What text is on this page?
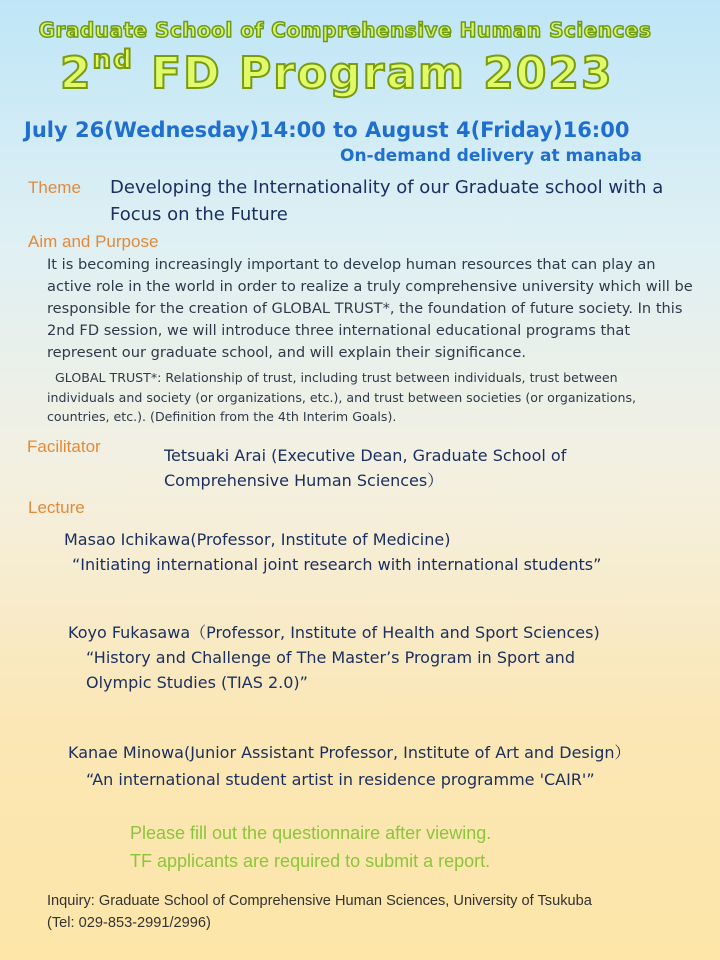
Graduate School of Comprehensive Human Sciences
2nd FD Program 2023
July 26(Wednesday)14:00 to August 4(Friday)16:00
On-demand delivery at manaba
Theme Developing the Internationality of our Graduate school with a Focus on the Future
Aim and Purpose
It is becoming increasingly important to develop human resources that can play an active role in the world in order to realize a truly comprehensive university which will be responsible for the creation of GLOBAL TRUST*, the foundation of future society. In this 2nd FD session, we will introduce three international educational programs that represent our graduate school, and will explain their significance.
GLOBAL TRUST*: Relationship of trust, including trust between individuals, trust between individuals and society (or organizations, etc.), and trust between societies (or organizations, countries, etc.). (Definition from the 4th Interim Goals).
Facilitator	Tetsuaki Arai (Executive Dean, Graduate School of Comprehensive Human Sciences）
Lecture
Masao Ichikawa(Professor, Institute of Medicine)
“Initiating international joint research with international students”
Koyo Fukasawa（Professor, Institute of Health and Sport Sciences)
“History and Challenge of The Master’s Program in Sport and Olympic Studies (TIAS 2.0)”
Kanae Minowa(Junior Assistant Professor, Institute of Art and Design）
“An international student artist in residence programme 'CAIR'”
Please fill out the questionnaire after viewing.
TF applicants are required to submit a report.
Inquiry: Graduate School of Comprehensive Human Sciences, University of Tsukuba
(Tel: 029-853-2991/2996)
